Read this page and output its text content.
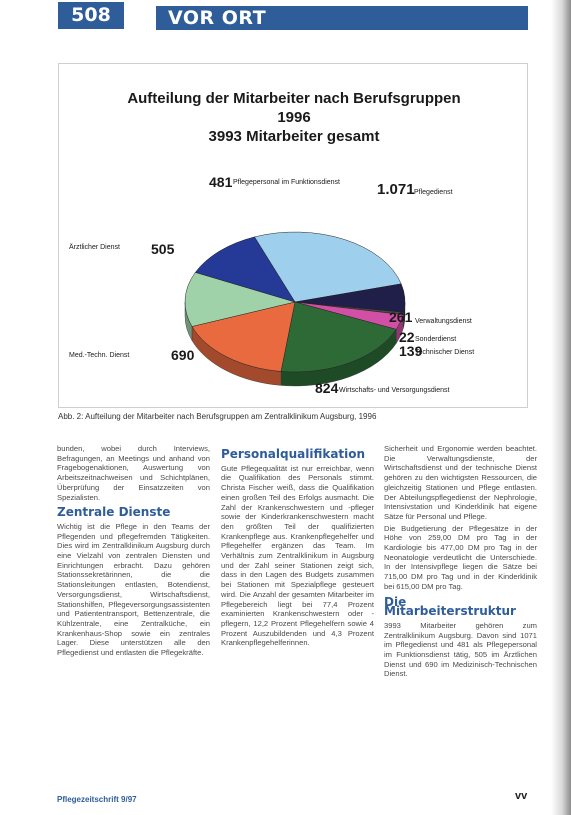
508	VOR ORT
Aufteilung der Mitarbeiter nach Berufsgruppen
1996
3993 Mitarbeiter gesamt
1.071 Pflegedienst
261 Verwaltungsdienst
22 Sonderdienst
139
Technischer Dienst
824 Wirtschafts- und Versorgungsdienst
690
Med.-Techn. Dienst
505
Ärztlicher Dienst
481 Pflegepersonal im Funktionsdienst
Abb. 2: Aufteilung der Mitarbeiter nach Berufsgruppen am Zentralklinikum Augsburg, 1996

bunden, wobei durch Interviews, Befragungen, an Meetings und anhand von Fragebogenaktionen, Auswertung von Arbeitszeitnachweisen und Schichtplänen, Überprüfung der Einsatzzeiten von Spezialisten.

Zentrale Dienste

Wichtig ist die Pflege in den Teams der Pflegenden und pflegefremden Tätigkeiten. Dies wird im Zentralklinikum Augsburg durch eine Vielzahl von zentralen Diensten und Einrichtungen erbracht. Dazu gehören Stationssekretärinnen, die die Stationsleitungen entlasten, Botendienst, Versorgungsdienst, Wirtschaftsdienst, Stationshilfen, Pflegeversorgungsassistenten und Patiententransport, Bettenzentrale, die Kühlzentrale, eine Zentralküche, ein Krankenhaus-Shop sowie ein zentrales Lager. Diese unterstützen alle den Pflegedienst und entlasten die Pflegekräfte.

Personalqualifikation

Gute Pflegequalität ist nur erreichbar, wenn die Qualifikation des Personals stimmt. Christa Fischer weiß, dass die Qualifikation einen großen Teil des Erfolgs ausmacht. Die Zahl der Krankenschwestern und -pfleger sowie der Kinderkrankenschwestern macht den größten Teil der qualifizierten Krankenpflege aus. Krankenpflegehelfer und Pflegehelfer ergänzen das Team. Im Verhältnis zum Zentralklinikum in Augsburg und der Zahl seiner Stationen zeigt sich, dass in den Lagen des Budgets zusammen bei Stationen mit Spezialpflege gesteuert wird. Die Anzahl der gesamten Mitarbeiter im Pflegebereich liegt bei 77,4 Prozent examinierten Krankenschwestern oder -pflegern, 12,2 Prozent Pflegehelfern sowie 4 Prozent Auszubildenden und 4,3 Prozent Krankenpflegehelferinnen.

Sicherheit und Ergonomie werden beachtet. Die Verwaltungsdienste, der Wirtschaftsdienst und der technische Dienst gehören zu den wichtigsten Ressourcen, die gleichzeitig Stationen und Pflege entlasten. Der Abteilungspflegedienst der Nephrologie, Intensivstation und Kinderklinik hat eigene Sätze für Personal und Pflege.

Die Budgetierung der Pflegesätze in der Höhe von 259,00 DM pro Tag in der Kardiologie bis 477,00 DM pro Tag in der Neonatologie verdeutlicht die Unterschiede. In der Intensivpflege liegen die Sätze bei 715,00 DM pro Tag und in der Kinderklinik bei 615,00 DM pro Tag.

Die Mitarbeiterstruktur

3993 Mitarbeiter gehören zum Zentralklinikum Augsburg. Davon sind 1071 im Pflegedienst und 481 als Pflegepersonal im Funktionsdienst tätig, 505 im Ärztlichen Dienst und 690 im Medizinisch-Technischen Dienst.

Pflegezeitschrift 9/97	vv
